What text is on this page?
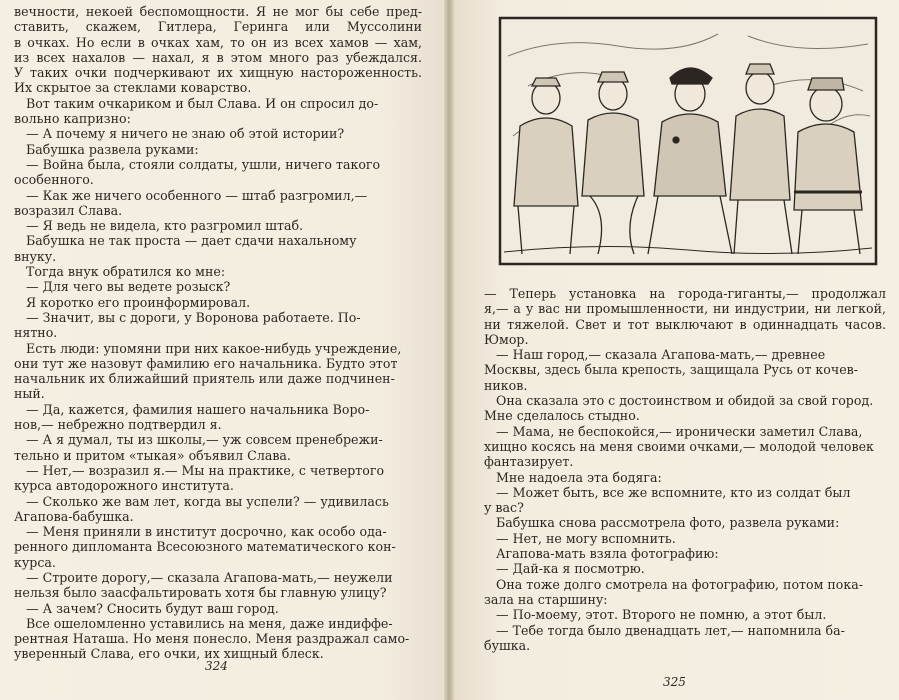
вечности, некоей беспомощности. Я не мог бы себе пред-
ставить, скажем, Гитлера, Геринга или Муссолини
в очках. Но если в очках хам, то он из всех хамов — хам,
из всех нахалов — нахал, я в этом много раз убеждался.
У таких очки подчеркивают их хищную настороженность.
Их скрытое за стеклами коварство.
Вот таким очкариком и был Слава. И он спросил до-
вольно капризно:
— А почему я ничего не знаю об этой истории?
Бабушка развела руками:
— Война была, стояли солдаты, ушли, ничего такого
особенного.
— Как же ничего особенного — штаб разгромил,—
возразил Слава.
— Я ведь не видела, кто разгромил штаб.
Бабушка не так проста — дает сдачи нахальному
внуку.
Тогда внук обратился ко мне:
— Для чего вы ведете розыск?
Я коротко его проинформировал.
— Значит, вы с дороги, у Воронова работаете. По-
нятно.
Есть люди: упомяни при них какое-нибудь учреждение,
они тут же назовут фамилию его начальника. Будто этот
начальник их ближайший приятель или даже подчинен-
ный.
— Да, кажется, фамилия нашего начальника Воро-
нов,— небрежно подтвердил я.
— А я думал, ты из школы,— уж совсем пренебрежи-
тельно и притом «тыкая» объявил Слава.
— Нет,— возразил я.— Мы на практике, с четвертого
курса автодорожного института.
— Сколько же вам лет, когда вы успели? — удивилась
Агапова-бабушка.
— Меня приняли в институт досрочно, как особо ода-
ренного дипломанта Всесоюзного математического кон-
курса.
— Строите дорогу,— сказала Агапова-мать,— неужели
нельзя было заасфальтировать хотя бы главную улицу?
— А зачем? Сносить будут ваш город.
Все ошеломленно уставились на меня, даже индиффе-
рентная Наташа. Но меня понесло. Меня раздражал само-
уверенный Слава, его очки, их хищный блеск.
324
— Теперь установка на города-гиганты,— продолжал
я,— а у вас ни промышленности, ни индустрии, ни легкой,
ни тяжелой. Свет и тот выключают в одиннадцать часов.
Юмор.
— Наш город,— сказала Агапова-мать,— древнее
Москвы, здесь была крепость, защищала Русь от кочев-
ников.
Она сказала это с достоинством и обидой за свой город.
Мне сделалось стыдно.
— Мама, не беспокойся,— иронически заметил Слава,
хищно косясь на меня своими очками,— молодой человек
фантазирует.
Мне надоела эта бодяга:
— Может быть, все же вспомните, кто из солдат был
у вас?
Бабушка снова рассмотрела фото, развела руками:
— Нет, не могу вспомнить.
Агапова-мать взяла фотографию:
— Дай-ка я посмотрю.
Она тоже долго смотрела на фотографию, потом пока-
зала на старшину:
— По-моему, этот. Второго не помню, а этот был.
— Тебе тогда было двенадцать лет,— напомнила ба-
бушка.
325
